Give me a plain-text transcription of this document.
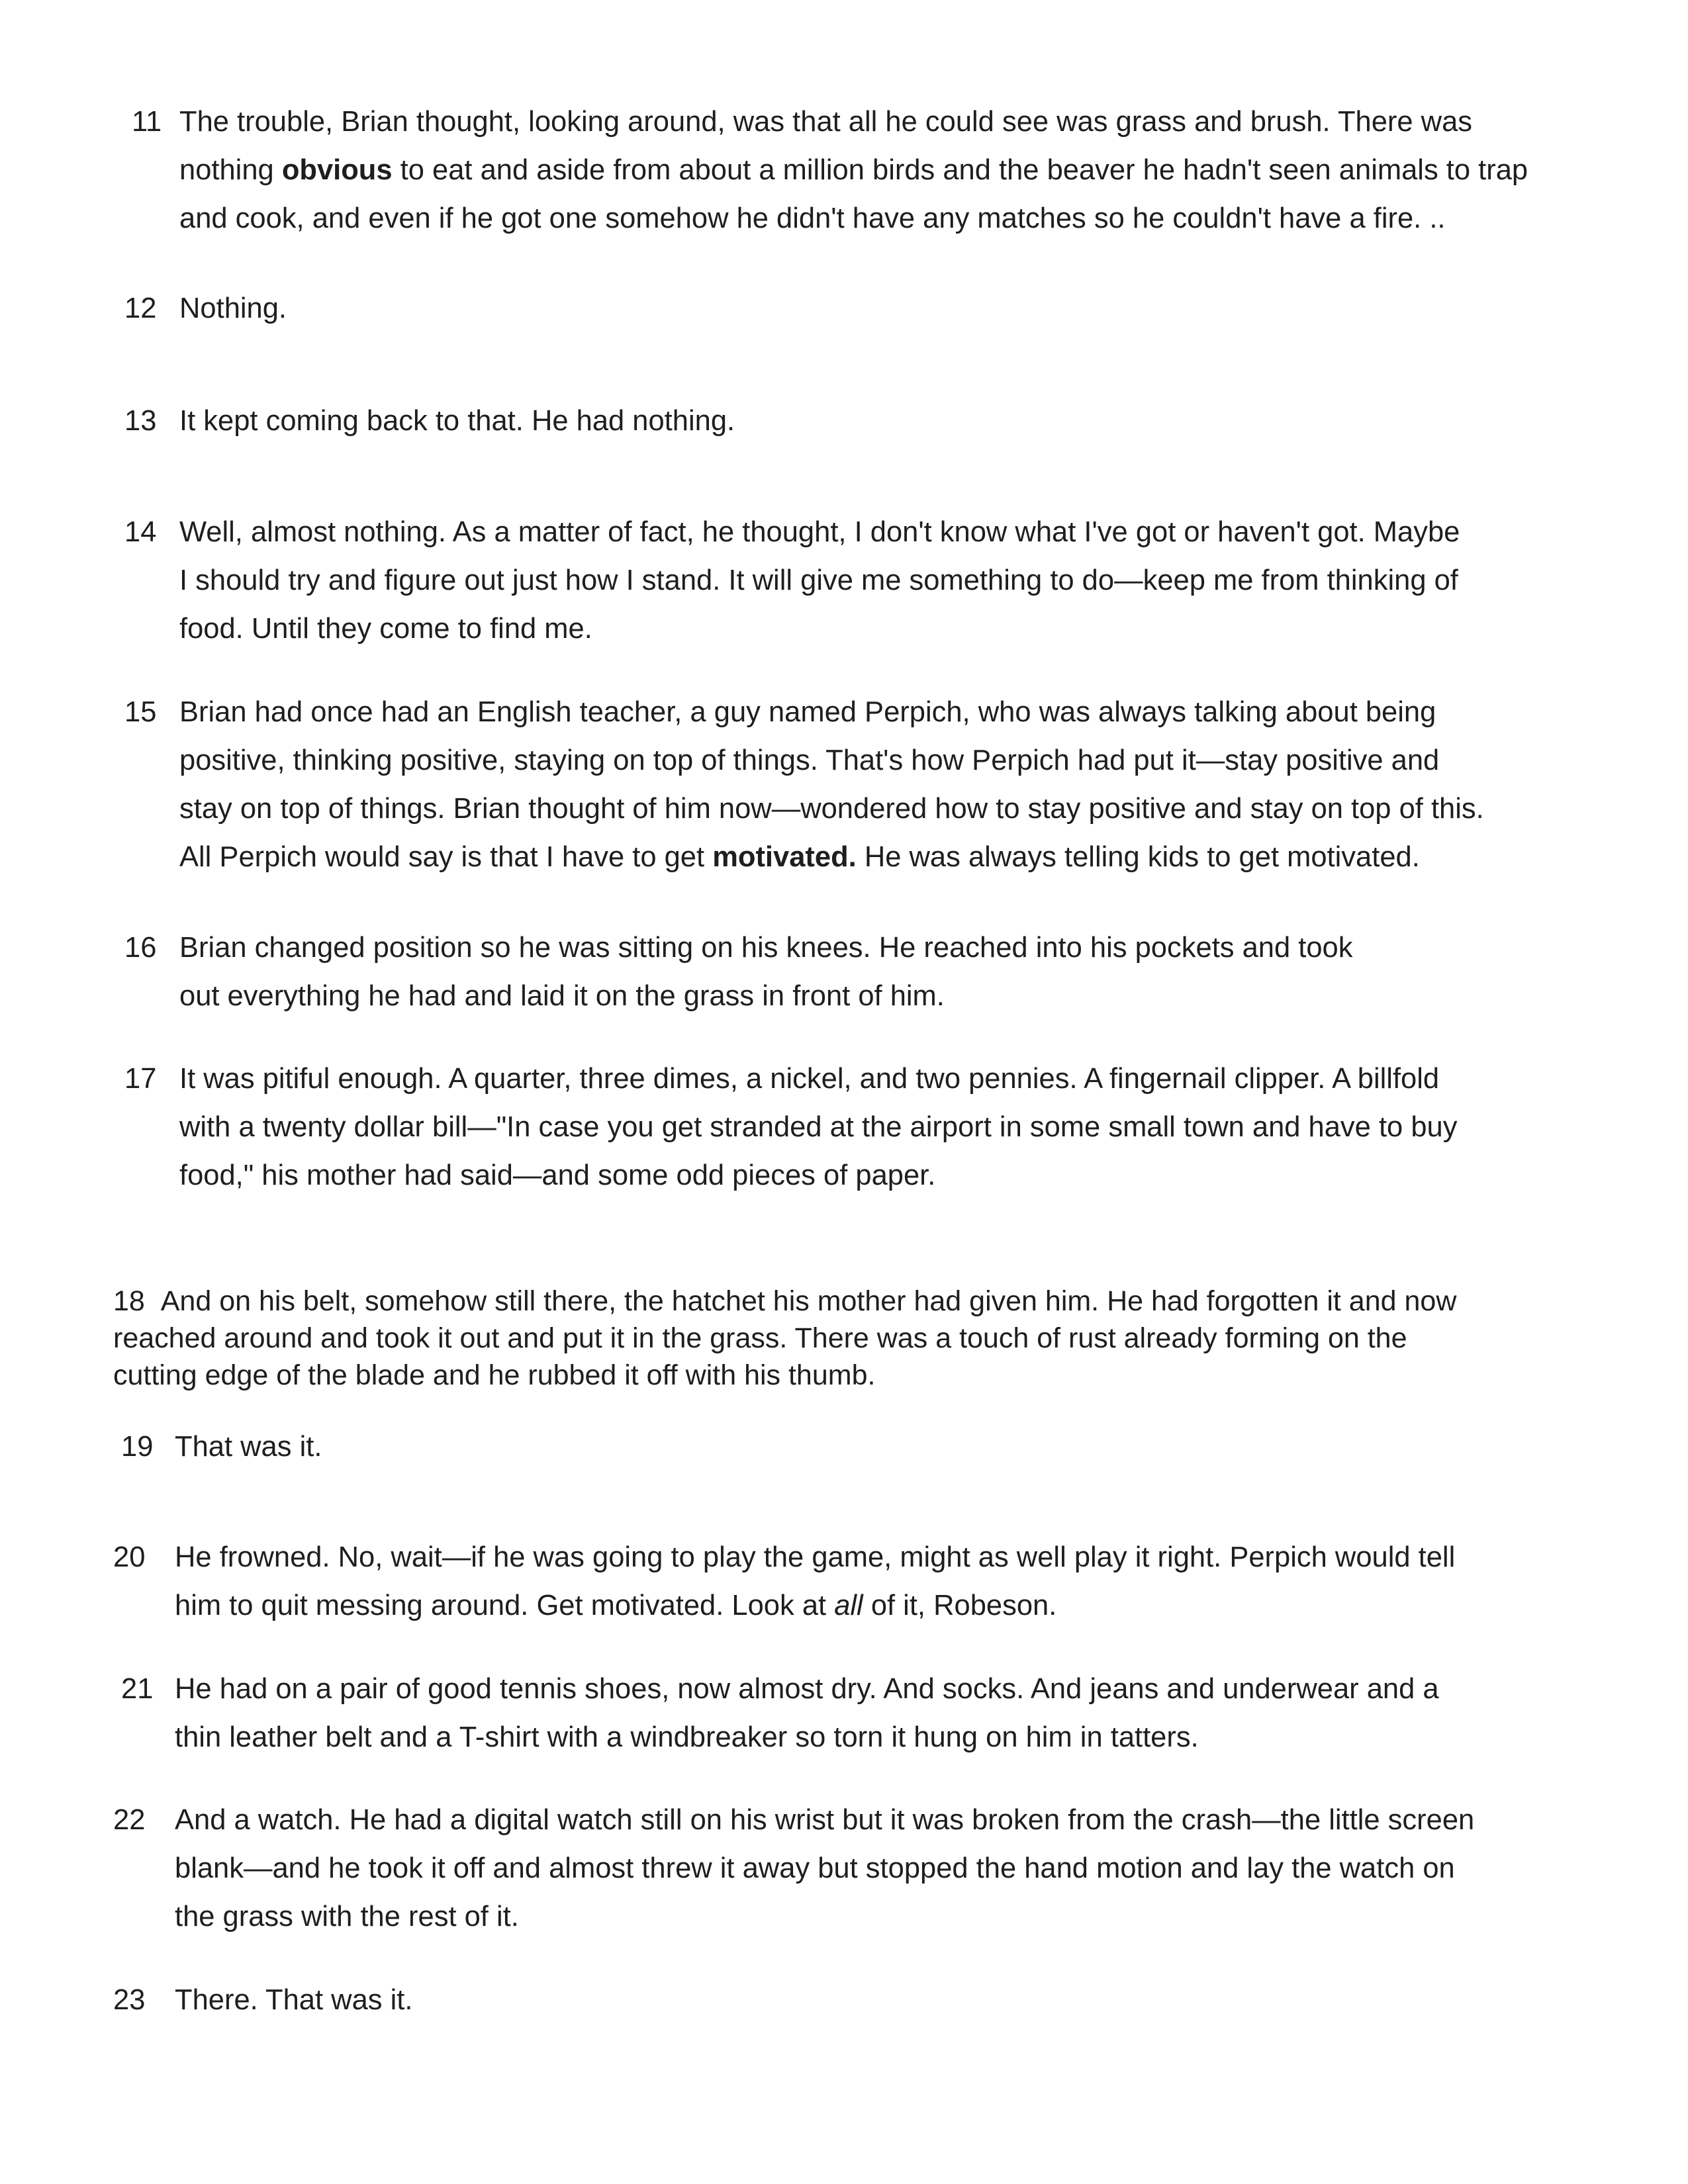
11 The trouble, Brian thought, looking around, was that all he could see was grass and brush. There was
nothing obvious to eat and aside from about a million birds and the beaver he hadn't seen animals to trap
and cook, and even if he got one somehow he didn't have any matches so he couldn't have a fire. ..
12 Nothing.
13 It kept coming back to that. He had nothing.
14 Well, almost nothing. As a matter of fact, he thought, I don't know what I've got or haven't got. Maybe
I should try and figure out just how I stand. It will give me something to do—keep me from thinking of
food. Until they come to find me.
15 Brian had once had an English teacher, a guy named Perpich, who was always talking about being
positive, thinking positive, staying on top of things. That's how Perpich had put it—stay positive and
stay on top of things. Brian thought of him now—wondered how to stay positive and stay on top of this.
All Perpich would say is that I have to get motivated. He was always telling kids to get motivated.
16 Brian changed position so he was sitting on his knees. He reached into his pockets and took
out everything he had and laid it on the grass in front of him.
17 It was pitiful enough. A quarter, three dimes, a nickel, and two pennies. A fingernail clipper. A billfold
with a twenty dollar bill—"In case you get stranded at the airport in some small town and have to buy
food," his mother had said—and some odd pieces of paper.
18 And on his belt, somehow still there, the hatchet his mother had given him. He had forgotten it and now
reached around and took it out and put it in the grass. There was a touch of rust already forming on the
cutting edge of the blade and he rubbed it off with his thumb.
19 That was it.
20 He frowned. No, wait—if he was going to play the game, might as well play it right. Perpich would tell
him to quit messing around. Get motivated. Look at all of it, Robeson.
21 He had on a pair of good tennis shoes, now almost dry. And socks. And jeans and underwear and a
thin leather belt and a T-shirt with a windbreaker so torn it hung on him in tatters.
22 And a watch. He had a digital watch still on his wrist but it was broken from the crash—the little screen
blank—and he took it off and almost threw it away but stopped the hand motion and lay the watch on
the grass with the rest of it.
23 There. That was it.
